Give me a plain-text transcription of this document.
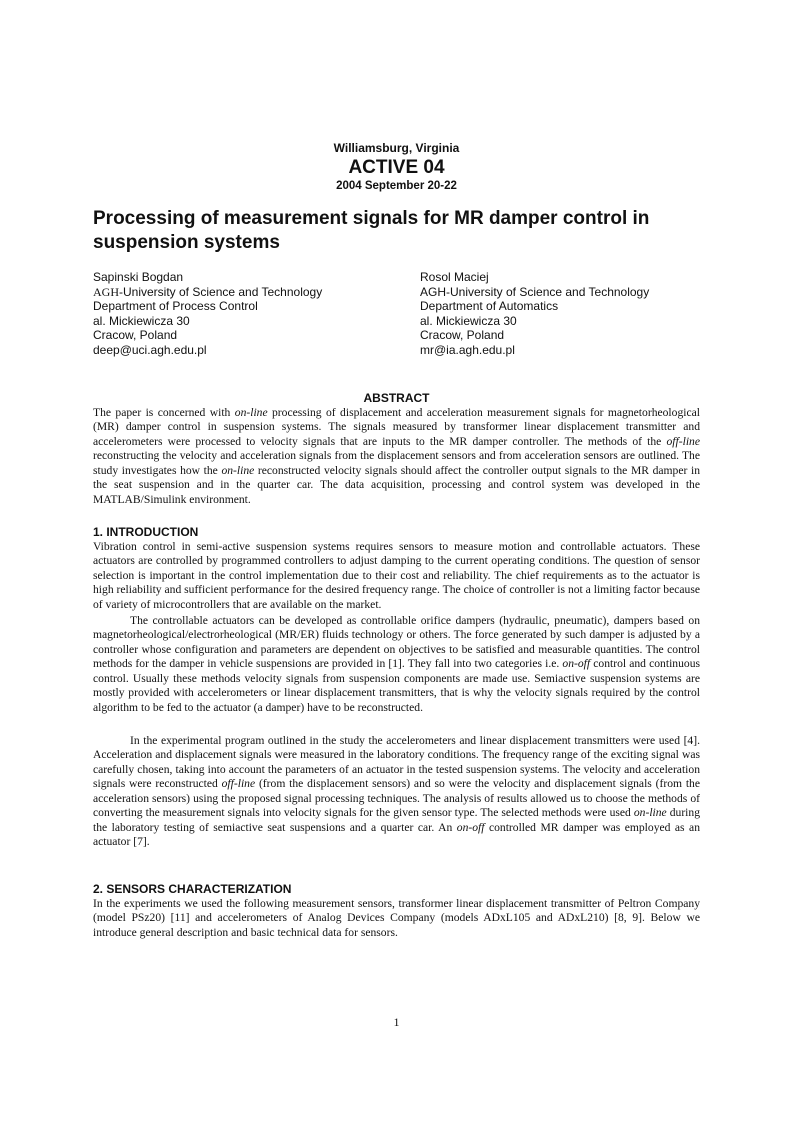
Williamsburg, Virginia
ACTIVE 04
2004 September 20-22
Processing of measurement signals for MR damper control in suspension systems
Sapinski Bogdan
AGH-University of Science and Technology
Department of Process Control
al. Mickiewicza 30
Cracow, Poland
deep@uci.agh.edu.pl
Rosol Maciej
AGH-University of Science and Technology
Department of Automatics
al. Mickiewicza 30
Cracow, Poland
mr@ia.agh.edu.pl
ABSTRACT

The paper is concerned with on-line processing of displacement and acceleration measurement signals for magnetorheological (MR) damper control in suspension systems. The signals measured by transformer linear displacement transmitter and accelerometers were processed to velocity signals that are inputs to the MR damper controller. The methods of the off-line reconstructing the velocity and acceleration signals from the displacement sensors and from acceleration sensors are outlined. The study investigates how the on-line reconstructed velocity signals should affect the controller output signals to the MR damper in the seat suspension and in the quarter car. The data acquisition, processing and control system was developed in the MATLAB/Simulink environment.

1. INTRODUCTION

Vibration control in semi-active suspension systems requires sensors to measure motion and controllable actuators. These actuators are controlled by programmed controllers to adjust damping to the current operating conditions. The question of sensor selection is important in the control implementation due to their cost and reliability. The chief requirements as to the actuator is high reliability and sufficient performance for the desired frequency range. The choice of controller is not a limiting factor because of variety of microcontrollers that are available on the market.

The controllable actuators can be developed as controllable orifice dampers (hydraulic, pneumatic), dampers based on magnetorheological/electrorheological (MR/ER) fluids technology or others. The force generated by such damper is adjusted by a controller whose configuration and parameters are dependent on objectives to be satisfied and measurable quantities. The control methods for the damper in vehicle suspensions are provided in [1]. They fall into two categories i.e. on-off control and continuous control. Usually these methods velocity signals from suspension components are made use. Semiactive suspension systems are mostly provided with accelerometers or linear displacement transmitters, that is why the velocity signals required by the control algorithm to be fed to the actuator (a damper) have to be reconstructed.

In the experimental program outlined in the study the accelerometers and linear displacement transmitters were used [4]. Acceleration and displacement signals were measured in the laboratory conditions. The frequency range of the exciting signal was carefully chosen, taking into account the parameters of an actuator in the tested suspension systems. The velocity and acceleration signals were reconstructed off-line (from the displacement sensors) and so were the velocity and displacement signals (from the acceleration sensors) using the proposed signal processing techniques. The analysis of results allowed us to choose the methods of converting the measurement signals into velocity signals for the given sensor type. The selected methods were used on-line during the laboratory testing of semiactive seat suspensions and a quarter car. An on-off controlled MR damper was employed as an actuator [7].

2. SENSORS CHARACTERIZATION

In the experiments we used the following measurement sensors, transformer linear displacement transmitter of Peltron Company (model PSz20) [11] and accelerometers of Analog Devices Company (models ADxL105 and ADxL210) [8, 9]. Below we introduce general description and basic technical data for sensors.

1
